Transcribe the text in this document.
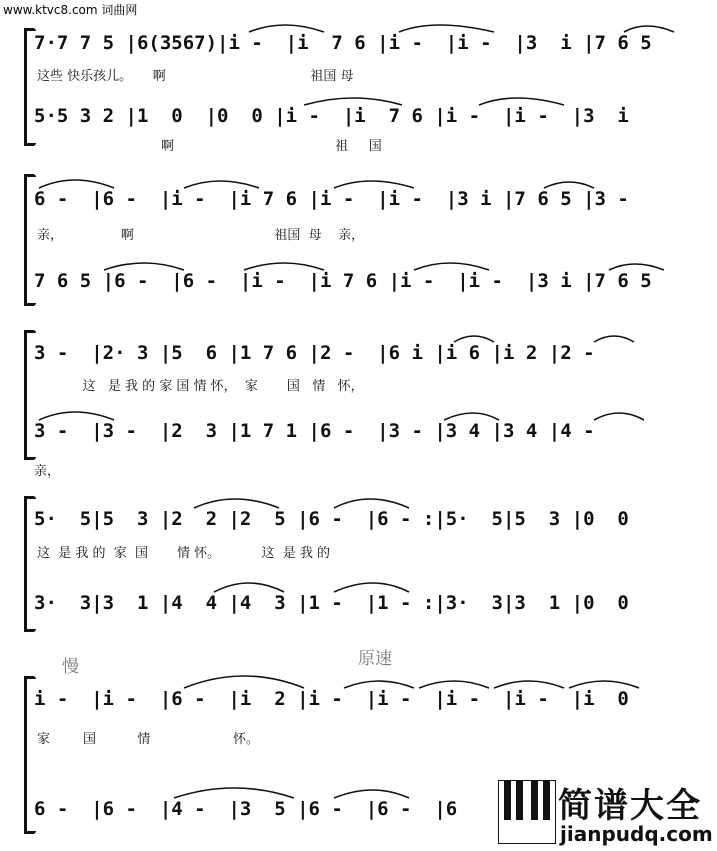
www.ktvc8.com 词曲网
7·7 7 5 |6(3567)|i -  |i  7 6 |i -  |i -  |3  i |7 6 5
这些 快乐孩儿。     啊                                   祖国 母
5·5 3 2 |1  0  |0  0 |i -  |i  7 6 |i -  |i -  |3  i
啊                                       祖     国
6 -  |6 -  |i -  |i 7 6 |i -  |i -  |3 i |7 6 5 |3 -
亲，              啊                                  祖国  母    亲，
7 6 5 |6 -  |6 -  |i -  |i 7 6 |i -  |i -  |3 i |7 6 5
3 -  |2· 3 |5  6 |1 7 6 |2 -  |6 i |i 6 |i 2 |2 -
这   是 我 的 家 国 情 怀，  家       国   情   怀，
3 -  |3 -  |2  3 |1 7 1 |6 -  |3 - |3 4 |3 4 |4 -
亲，
5·  5|5  3 |2  2 |2  5 |6 -  |6 - :|5·  5|5  3 |0  0
这  是 我 的  家  国       情 怀。          这  是 我 的
3·  3|3  1 |4  4 |4  3 |1 -  |1 - :|3·  3|3  1 |0  0
慢	原速
i -  |i -  |6 -  |i  2 |i -  |i -  |i -  |i -  |i  0
家        国          情                    怀。
6 -  |6 -  |4 -  |3  5 |6 -  |6 -  |6	简谱大全
jianpudq.com
